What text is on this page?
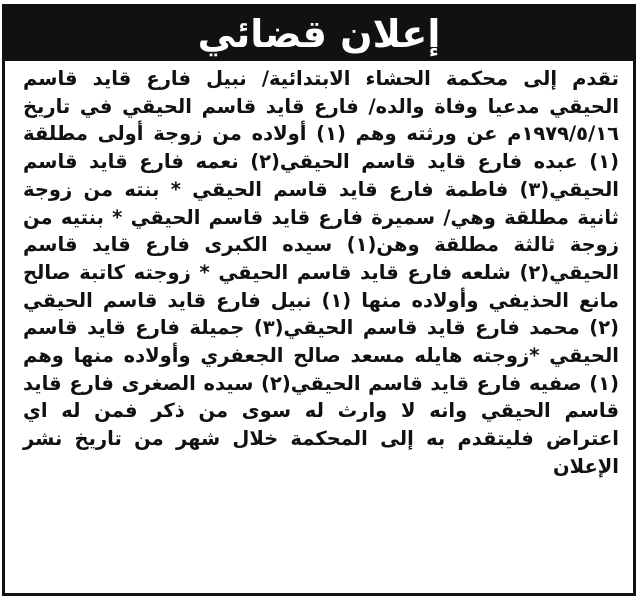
إعلان قضائي

تقدم إلى محكمة الحشاء الابتدائية/ نبيل فارع قايد قاسم الحيقي مدعيا وفاة والده/ فارع قايد قاسم الحيقي في تاريخ ١٩٧٩/٥/١٦م عن ورثته وهم (١) أولاده من زوجة أولى مطلقة (١) عبده فارع قايد قاسم الحيقي(٢) نعمه فارع قايد قاسم الحيقي(٣) فاطمة فارع قايد قاسم الحيقي * بنته من زوجة ثانية مطلقة وهي/ سميرة فارع قايد قاسم الحيقي * بنتيه من زوجة ثالثة مطلقة وهن(١) سيده الكبرى فارع قايد قاسم الحيقي(٢) شلعه فارع قايد قاسم الحيقي * زوجته كاتبة صالح مانع الحذيفي وأولاده منها (١) نبيل فارع قايد قاسم الحيقي (٢) محمد فارع قايد قاسم الحيقي(٣) جميلة فارع قايد قاسم الحيقي *زوجته هايله مسعد صالح الجعفري وأولاده منها وهم (١) صفيه فارع قايد قاسم الحيقي(٢) سيده الصغرى فارع قايد قاسم الحيقي وانه لا وارث له سوى من ذكر فمن له اي اعتراض فليتقدم به إلى المحكمة خلال شهر من تاريخ نشر الإعلان
